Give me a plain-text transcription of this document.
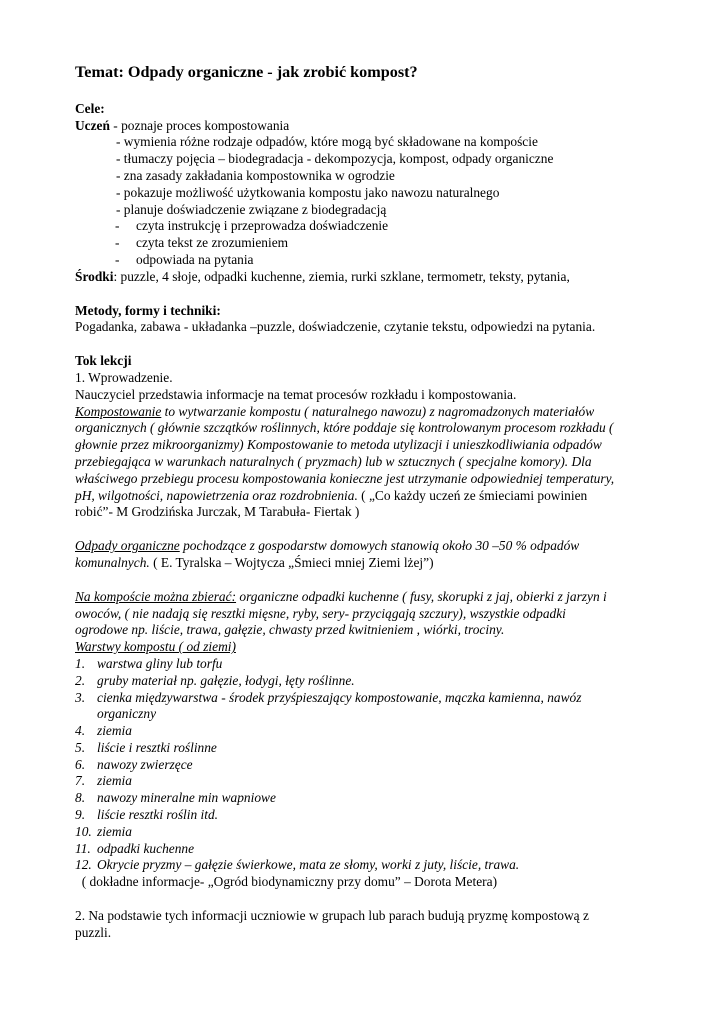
Temat: Odpady organiczne - jak zrobić kompost?
Cele:
Uczeń - poznaje proces kompostowania
- wymienia różne rodzaje odpadów, które mogą być składowane na kompoście
- tłumaczy pojęcia – biodegradacja - dekompozycja, kompost, odpady organiczne
- zna zasady zakładania kompostownika w ogrodzie
- pokazuje możliwość użytkowania kompostu jako nawozu naturalnego
- planuje doświadczenie związane z biodegradacją
-	czyta instrukcję i przeprowadza doświadczenie
-	czyta tekst ze zrozumieniem
-	odpowiada na pytania
Środki: puzzle, 4 słoje, odpadki kuchenne, ziemia, rurki szklane, termometr, teksty, pytania,
Metody, formy i techniki:
Pogadanka, zabawa - układanka –puzzle, doświadczenie, czytanie tekstu, odpowiedzi na pytania.
Tok lekcji
1. Wprowadzenie.
Nauczyciel przedstawia informacje na temat procesów rozkładu i kompostowania.
Kompostowanie to wytwarzanie kompostu ( naturalnego nawozu) z nagromadzonych materiałów
organicznych ( głównie szczątków roślinnych, które poddaje się kontrolowanym procesom rozkładu (
głownie przez mikroorganizmy) Kompostowanie to metoda utylizacji i unieszkodliwiania odpadów
przebiegająca w warunkach naturalnych ( pryzmach) lub w sztucznych ( specjalne komory). Dla
właściwego przebiegu procesu kompostowania konieczne jest utrzymanie odpowiedniej temperatury,
pH, wilgotności, napowietrzenia oraz rozdrobnienia. ( „Co każdy uczeń ze śmieciami powinien
robić”- M Grodzińska Jurczak, M Tarabuła- Fiertak )
Odpady organiczne pochodzące z gospodarstw domowych stanowią około 30 –50 % odpadów
komunalnych. ( E. Tyralska – Wojtycza „Śmieci mniej Ziemi lżej”)
Na kompoście można zbierać: organiczne odpadki kuchenne ( fusy, skorupki z jaj, obierki z jarzyn i
owoców, ( nie nadają się resztki mięsne, ryby, sery- przyciągają szczury), wszystkie odpadki
ogrodowe np. liście, trawa, gałęzie, chwasty przed kwitnieniem , wiórki, trociny.
Warstwy kompostu ( od ziemi)
1. warstwa gliny lub torfu
2. gruby materiał np. gałęzie, łodygi, łęty roślinne.
3. cienka międzywarstwa - środek przyśpieszający kompostowanie, mączka kamienna, nawóz
organiczny
4. ziemia
5. liście i resztki roślinne
6. nawozy zwierzęce
7. ziemia
8. nawozy mineralne min wapniowe
9. liście resztki roślin itd.
10. ziemia
11. odpadki kuchenne
12. Okrycie pryzmy – gałęzie świerkowe, mata ze słomy, worki z juty, liście, trawa.
( dokładne informacje- „Ogród biodynamiczny przy domu” – Dorota Metera)
2. Na podstawie tych informacji uczniowie w grupach lub parach budują pryzmę kompostową z
puzzli.
